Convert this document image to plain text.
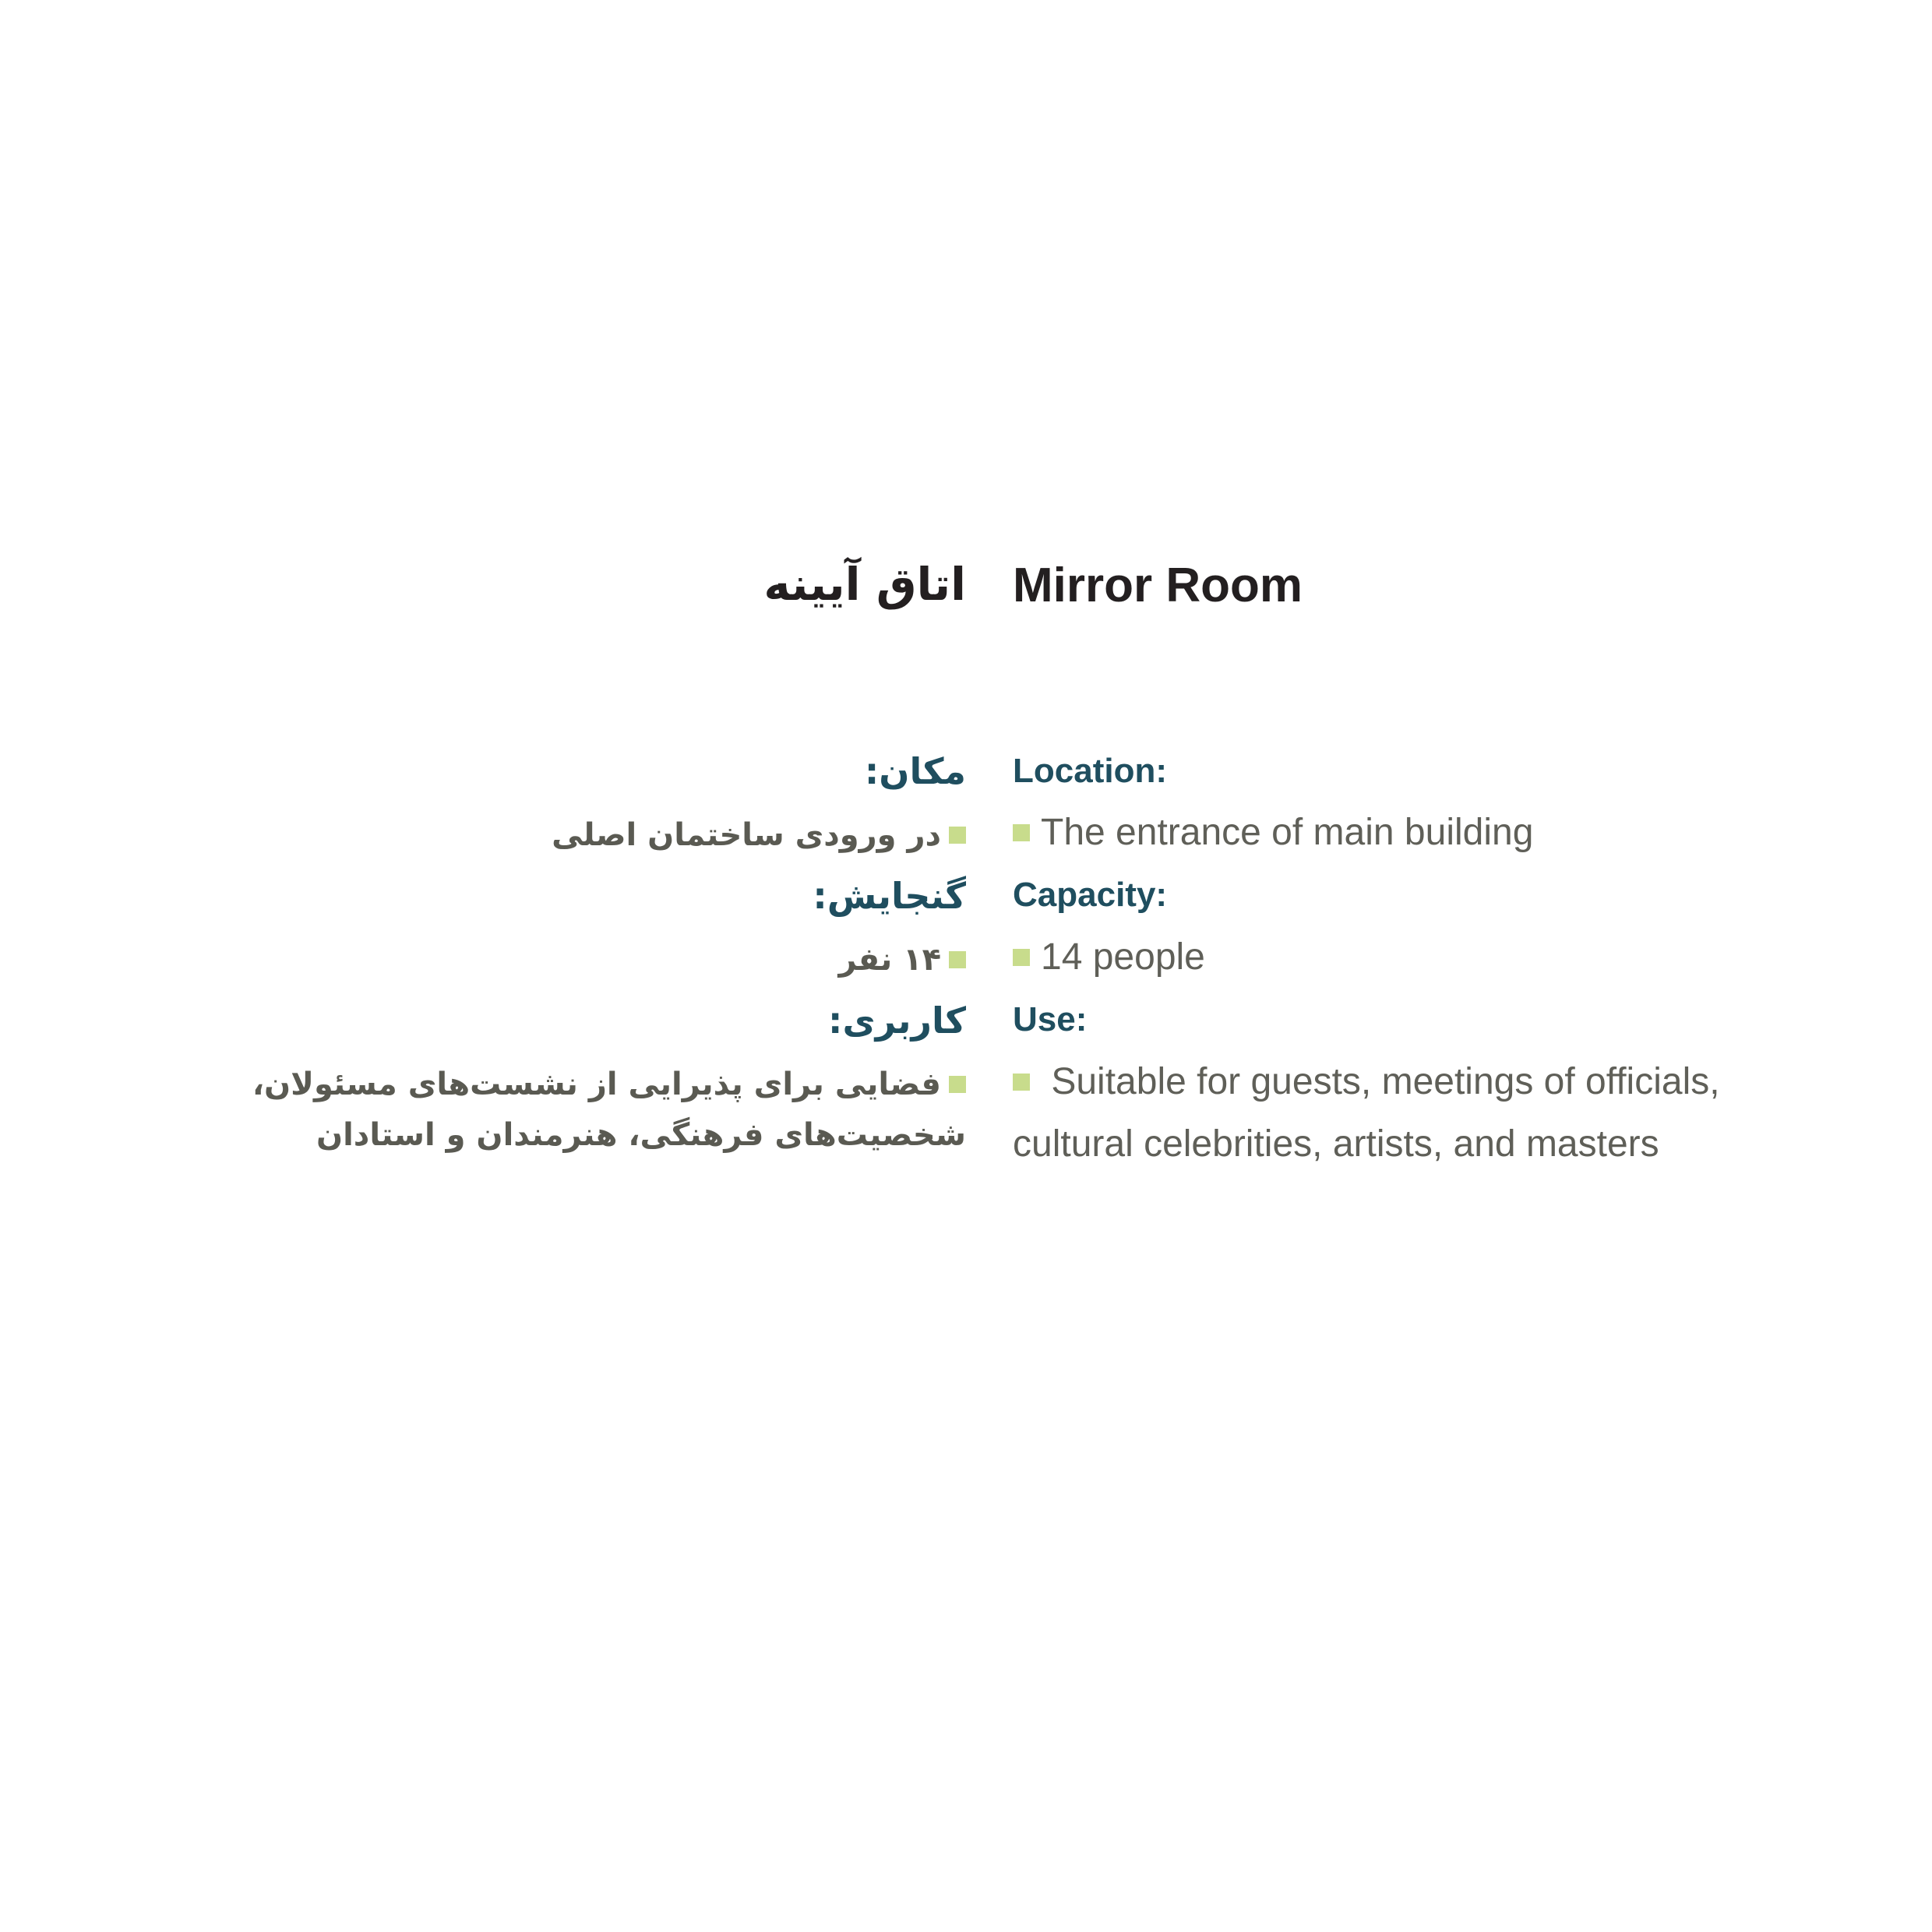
اتاق آیینه
مکان:
در ورودی ساختمان اصلی
گنجایش:
۱۴ نفر
کاربری:
فضایی برای پذیرایی از نشست‌های مسئولان،
شخصیت‌های فرهنگی، هنرمندان و استادان
Mirror Room
Location:
The entrance of main building
Capacity:
14 people
Use:
Suitable for guests, meetings of officials,
cultural celebrities, artists, and masters
